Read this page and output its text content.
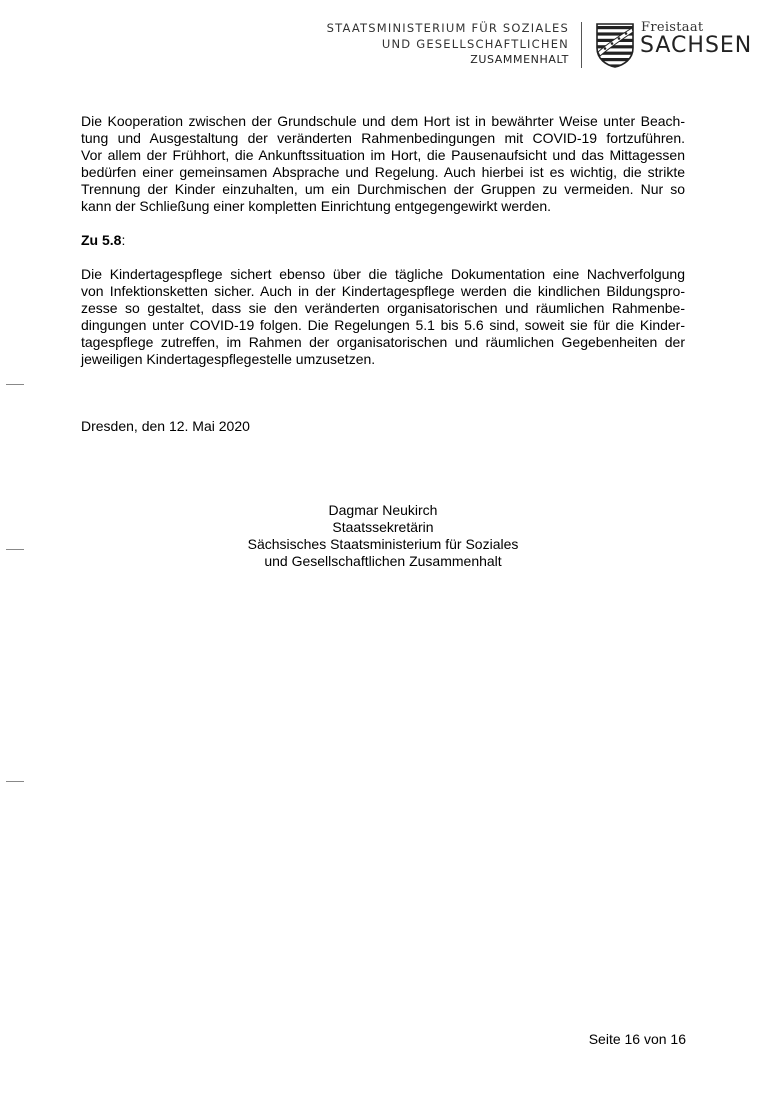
STAATSMINISTERIUM FÜR SOZIALES
UND GESELLSCHAFTLICHEN
ZUSAMMENHALT
Freistaat
SACHSEN
Die Kooperation zwischen der Grundschule und dem Hort ist in bewährter Weise unter Beach-
tung und Ausgestaltung der veränderten Rahmenbedingungen mit COVID-19 fortzuführen.
Vor allem der Frühhort, die Ankunftssituation im Hort, die Pausenaufsicht und das Mittagessen
bedürfen einer gemeinsamen Absprache und Regelung. Auch hierbei ist es wichtig, die strikte
Trennung der Kinder einzuhalten, um ein Durchmischen der Gruppen zu vermeiden. Nur so
kann der Schließung einer kompletten Einrichtung entgegengewirkt werden.
Zu 5.8:
Die Kindertagespflege sichert ebenso über die tägliche Dokumentation eine Nachverfolgung
von Infektionsketten sicher. Auch in der Kindertagespflege werden die kindlichen Bildungspro-
zesse so gestaltet, dass sie den veränderten organisatorischen und räumlichen Rahmenbe-
dingungen unter COVID-19 folgen. Die Regelungen 5.1 bis 5.6 sind, soweit sie für die Kinder-
tagespflege zutreffen, im Rahmen der organisatorischen und räumlichen Gegebenheiten der
jeweiligen Kindertagespflegestelle umzusetzen.
Dresden, den 12. Mai 2020
Dagmar Neukirch
Staatssekretärin
Sächsisches Staatsministerium für Soziales
und Gesellschaftlichen Zusammenhalt
Seite 16 von 16
